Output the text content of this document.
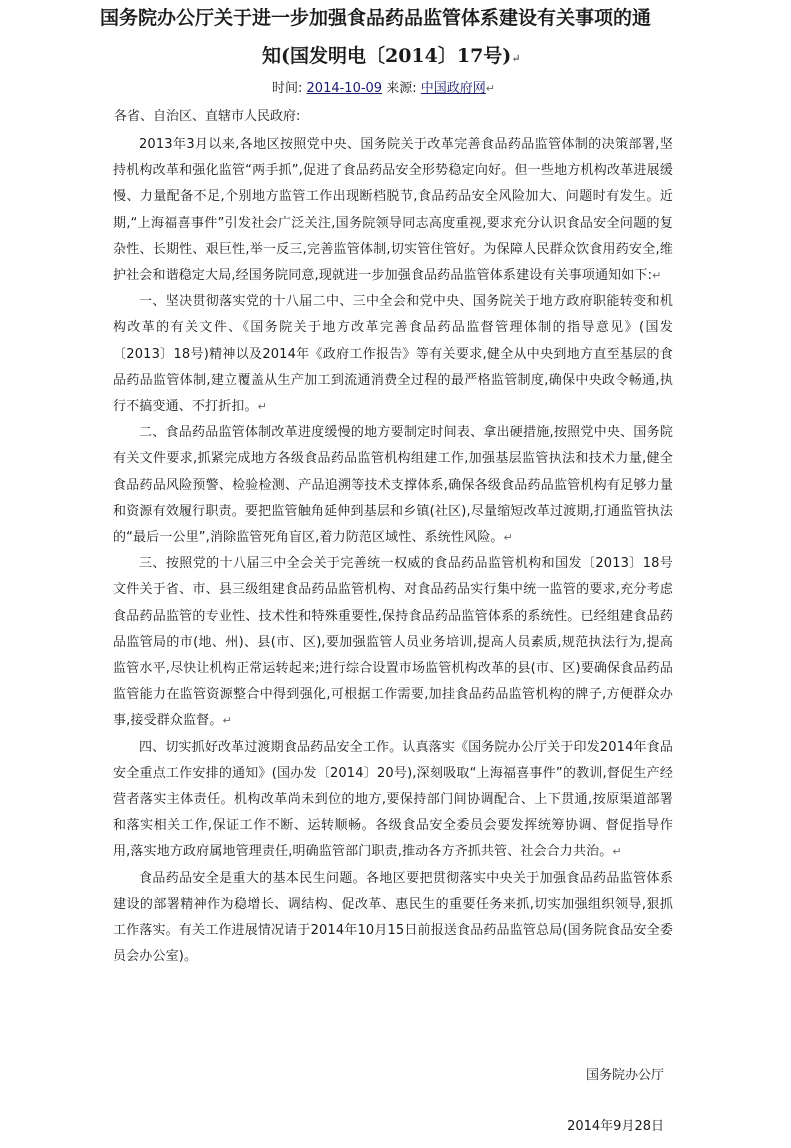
国务院办公厅关于进一步加强食品药品监管体系建设有关事项的通
知(国发明电〔2014〕17号)↵
时间: 2014-10-09 来源: 中国政府网↵
各省、自治区、直辖市人民政府:

2013年3月以来,各地区按照党中央、国务院关于改革完善食品药品监管体制的决策部署,坚持机构改革和强化监管“两手抓”,促进了食品药品安全形势稳定向好。但一些地方机构改革进展缓慢、力量配备不足,个别地方监管工作出现断档脱节,食品药品安全风险加大、问题时有发生。近期,“上海福喜事件”引发社会广泛关注,国务院领导同志高度重视,要求充分认识食品安全问题的复杂性、长期性、艰巨性,举一反三,完善监管体制,切实管住管好。为保障人民群众饮食用药安全,维护社会和谐稳定大局,经国务院同意,现就进一步加强食品药品监管体系建设有关事项通知如下:↵

一、坚决贯彻落实党的十八届二中、三中全会和党中央、国务院关于地方政府职能转变和机构改革的有关文件、《国务院关于地方改革完善食品药品监督管理体制的指导意见》(国发〔2013〕18号)精神以及2014年《政府工作报告》等有关要求,健全从中央到地方直至基层的食品药品监管体制,建立覆盖从生产加工到流通消费全过程的最严格监管制度,确保中央政令畅通,执行不搞变通、不打折扣。↵

二、食品药品监管体制改革进度缓慢的地方要制定时间表、拿出硬措施,按照党中央、国务院有关文件要求,抓紧完成地方各级食品药品监管机构组建工作,加强基层监管执法和技术力量,健全食品药品风险预警、检验检测、产品追溯等技术支撑体系,确保各级食品药品监管机构有足够力量和资源有效履行职责。要把监管触角延伸到基层和乡镇(社区),尽量缩短改革过渡期,打通监管执法的“最后一公里”,消除监管死角盲区,着力防范区域性、系统性风险。↵

三、按照党的十八届三中全会关于完善统一权威的食品药品监管机构和国发〔2013〕18号文件关于省、市、县三级组建食品药品监管机构、对食品药品实行集中统一监管的要求,充分考虑食品药品监管的专业性、技术性和特殊重要性,保持食品药品监管体系的系统性。已经组建食品药品监管局的市(地、州)、县(市、区),要加强监管人员业务培训,提高人员素质,规范执法行为,提高监管水平,尽快让机构正常运转起来;进行综合设置市场监管机构改革的县(市、区)要确保食品药品监管能力在监管资源整合中得到强化,可根据工作需要,加挂食品药品监管机构的牌子,方便群众办事,接受群众监督。↵

四、切实抓好改革过渡期食品药品安全工作。认真落实《国务院办公厅关于印发2014年食品安全重点工作安排的通知》(国办发〔2014〕20号),深刻吸取“上海福喜事件”的教训,督促生产经营者落实主体责任。机构改革尚未到位的地方,要保持部门间协调配合、上下贯通,按原渠道部署和落实相关工作,保证工作不断、运转顺畅。各级食品安全委员会要发挥统筹协调、督促指导作用,落实地方政府属地管理责任,明确监管部门职责,推动各方齐抓共管、社会合力共治。↵

食品药品安全是重大的基本民生问题。各地区要把贯彻落实中央关于加强食品药品监管体系建设的部署精神作为稳增长、调结构、促改革、惠民生的重要任务来抓,切实加强组织领导,狠抓工作落实。有关工作进展情况请于2014年10月15日前报送食品药品监管总局(国务院食品安全委员会办公室)。

国务院办公厅
2014年9月28日
